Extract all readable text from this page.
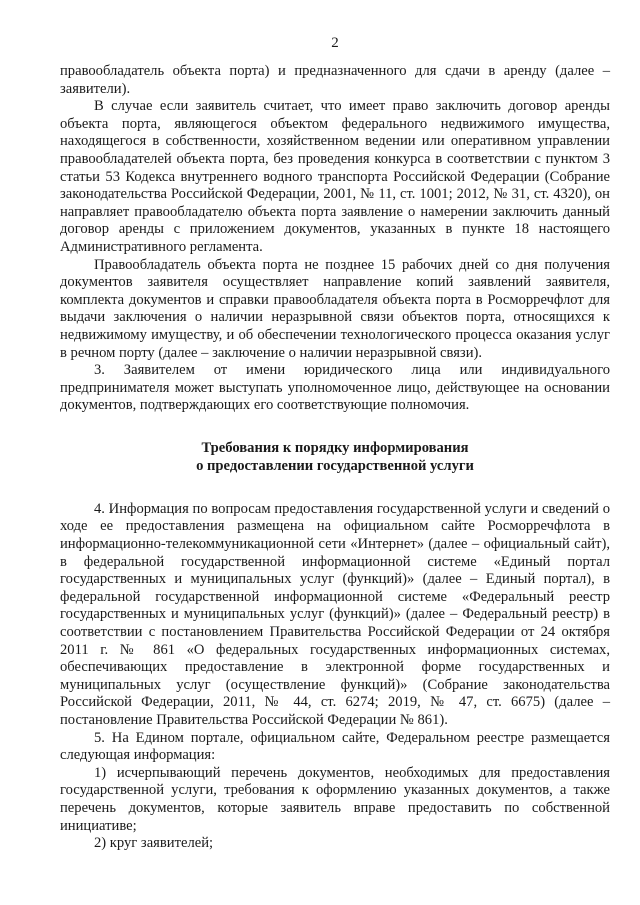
2

правообладатель объекта порта) и предназначенного для сдачи в аренду (далее – заявители).

В случае если заявитель считает, что имеет право заключить договор аренды объекта порта, являющегося объектом федерального недвижимого имущества, находящегося в собственности, хозяйственном ведении или оперативном управлении правообладателей объекта порта, без проведения конкурса в соответствии с пунктом 3 статьи 53 Кодекса внутреннего водного транспорта Российской Федерации (Собрание законодательства Российской Федерации, 2001, № 11, ст. 1001; 2012, № 31, ст. 4320), он направляет правообладателю объекта порта заявление о намерении заключить данный договор аренды с приложением документов, указанных в пункте 18 настоящего Административного регламента.

Правообладатель объекта порта не позднее 15 рабочих дней со дня получения документов заявителя осуществляет направление копий заявлений заявителя, комплекта документов и справки правообладателя объекта порта в Росморречфлот для выдачи заключения о наличии неразрывной связи объектов порта, относящихся к недвижимому имуществу, и об обеспечении технологического процесса оказания услуг в речном порту (далее – заключение о наличии неразрывной связи).

3. Заявителем от имени юридического лица или индивидуального предпринимателя может выступать уполномоченное лицо, действующее на основании документов, подтверждающих его соответствующие полномочия.

Требования к порядку информирования
о предоставлении государственной услуги

4. Информация по вопросам предоставления государственной услуги и сведений о ходе ее предоставления размещена на официальном сайте Росморречфлота в информационно-телекоммуникационной сети «Интернет» (далее – официальный сайт), в федеральной государственной информационной системе «Единый портал государственных и муниципальных услуг (функций)» (далее – Единый портал), в федеральной государственной информационной системе «Федеральный реестр государственных и муниципальных услуг (функций)» (далее – Федеральный реестр) в соответствии с постановлением Правительства Российской Федерации от 24 октября 2011 г. № 861 «О федеральных государственных информационных системах, обеспечивающих предоставление в электронной форме государственных и муниципальных услуг (осуществление функций)» (Собрание законодательства Российской Федерации, 2011, № 44, ст. 6274; 2019, № 47, ст. 6675) (далее – постановление Правительства Российской Федерации № 861).

5. На Едином портале, официальном сайте, Федеральном реестре размещается следующая информация:

1) исчерпывающий перечень документов, необходимых для предоставления государственной услуги, требования к оформлению указанных документов, а также перечень документов, которые заявитель вправе предоставить по собственной инициативе;

2) круг заявителей;
